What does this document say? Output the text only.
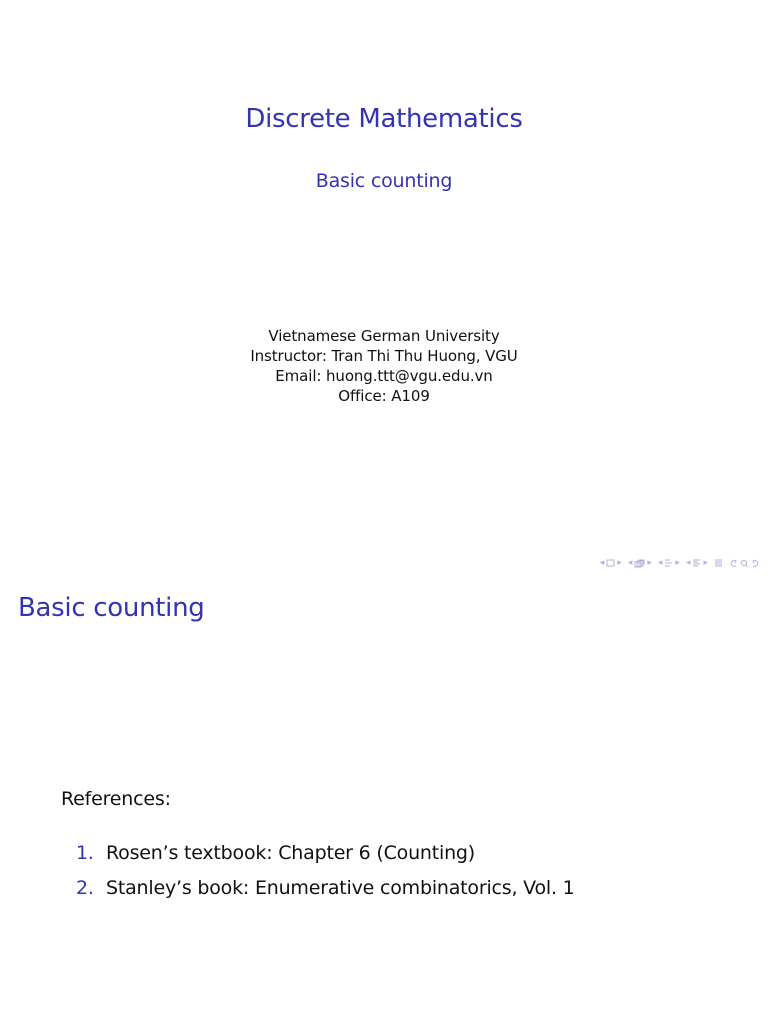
Discrete Mathematics
Basic counting
Vietnamese German University
Instructor: Tran Thi Thu Huong, VGU
Email: huong.ttt@vgu.edu.vn
Office: A109
◂ ▸ ◂ ▸ ◂ ▸ ◂ ▸
Basic counting
References:
1. Rosen’s textbook: Chapter 6 (Counting)
2. Stanley’s book: Enumerative combinatorics, Vol. 1
